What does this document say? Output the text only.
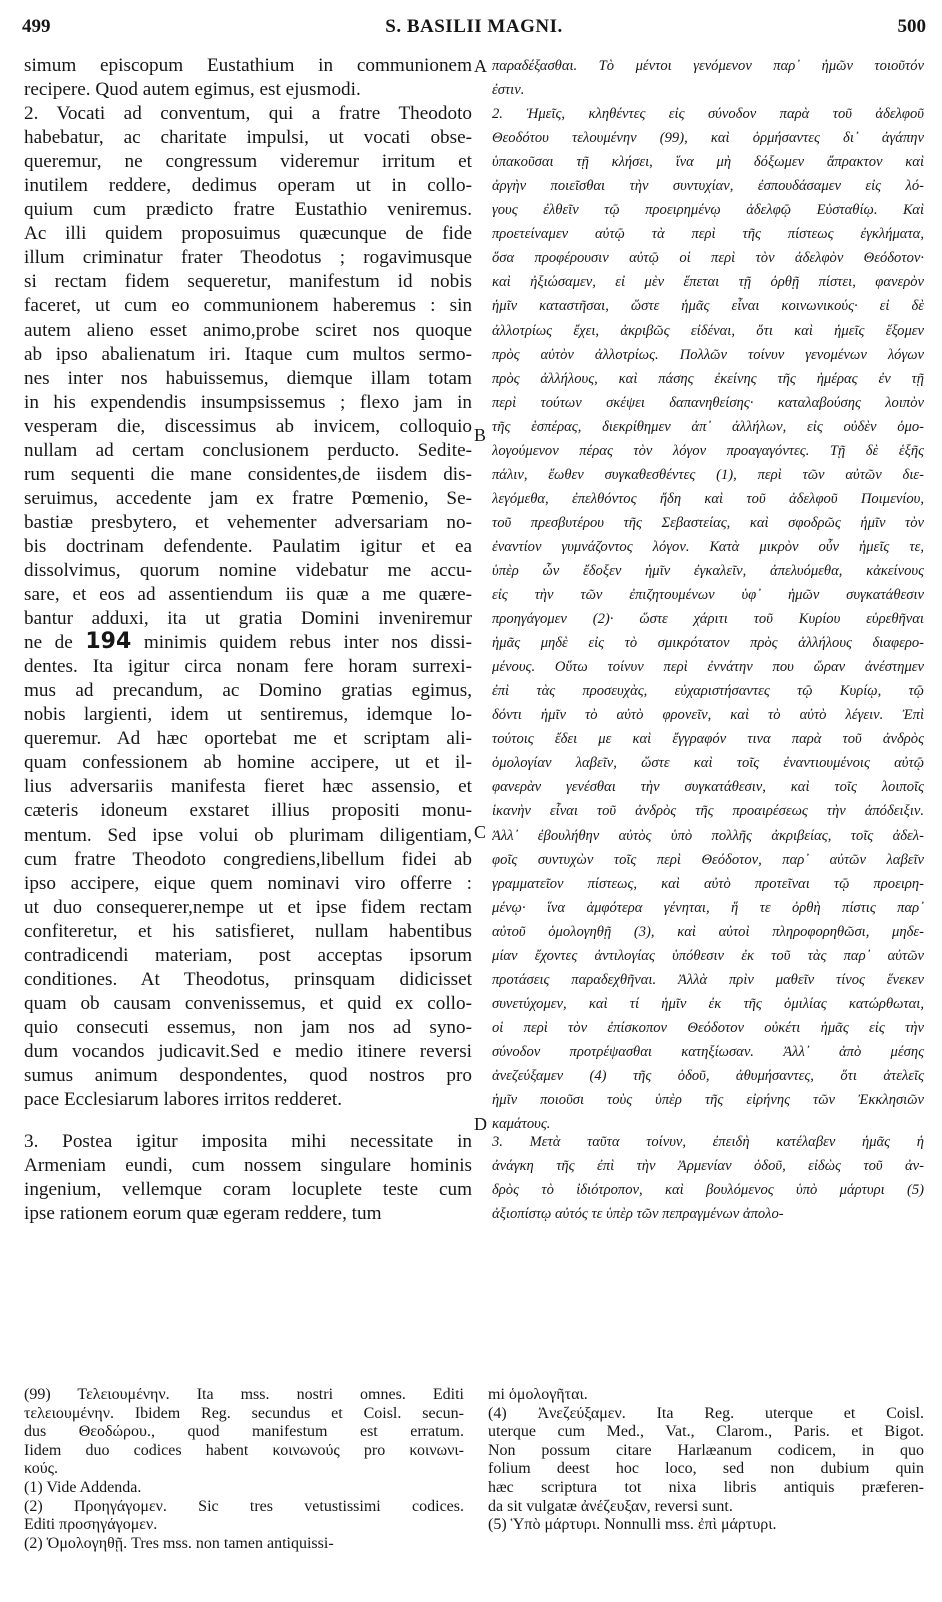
499	S. BASILII MAGNI.	500
simum episcopum Eustathium in communionem
recipere. Quod autem egimus, est ejusmodi.
2. Vocati ad conventum, qui a fratre Theodoto
habebatur, ac charitate impulsi, ut vocati obse-
queremur, ne congressum videremur irritum et
inutilem reddere, dedimus operam ut in collo-
quium cum prædicto fratre Eustathio veniremus.
Ac illi quidem proposuimus quæcunque de fide
illum criminatur frater Theodotus ; rogavimusque
si rectam fidem sequeretur, manifestum id nobis
faceret, ut cum eo communionem haberemus : sin
autem alieno esset animo,probe sciret nos quoque
ab ipso abalienatum iri. Itaque cum multos sermo-
nes inter nos habuissemus, diemque illam totam
in his expendendis insumpsissemus ; flexo jam in
vesperam die, discessimus ab invicem, colloquio
nullam ad certam conclusionem perducto. Sedite-
rum sequenti die mane considentes,de iisdem dis-
seruimus, accedente jam ex fratre Pœmenio, Se-
bastiæ presbytero, et vehementer adversariam no-
bis doctrinam defendente. Paulatim igitur et ea
dissolvimus, quorum nomine videbatur me accu-
sare, et eos ad assentiendum iis quæ a me quære-
bantur adduxi, ita ut gratia Domini inveniremur
ne de 194 minimis quidem rebus inter nos dissi-
dentes. Ita igitur circa nonam fere horam surrexi-
mus ad precandum, ac Domino gratias egimus,
nobis largienti, idem ut sentiremus, idemque lo-
queremur. Ad hæc oportebat me et scriptam ali-
quam confessionem ab homine accipere, ut et il-
lius adversariis manifesta fieret hæc assensio, et
cæteris idoneum exstaret illius propositi monu-
mentum. Sed ipse volui ob plurimam diligentiam,
cum fratre Theodoto congrediens,libellum fidei ab
ipso accipere, eique quem nominavi viro offerre :
ut duo consequerer,nempe ut et ipse fidem rectam
confiteretur, et his satisfieret, nullam habentibus
contradicendi materiam, post acceptas ipsorum
conditiones. At Theodotus, prinsquam didicisset
quam ob causam convenissemus, et quid ex collo-
quio consecuti essemus, non jam nos ad syno-
dum vocandos judicavit.Sed e medio itinere reversi
sumus animum despondentes, quod nostros pro
pace Ecclesiarum labores irritos redderet.
3. Postea igitur imposita mihi necessitate in
Armeniam eundi, cum nossem singulare hominis
ingenium, vellemque coram locuplete teste cum
ipse rationem eorum quæ egeram reddere, tum
παραδέξασθαι. Τὸ μέντοι γενόμενον παρ᾽ ἡμῶν τοιοῦτόν
ἐστιν.
2. Ἡμεῖς, κληθέντες εἰς σύνοδον παρὰ τοῦ ἀδελφοῦ
Θεοδότου τελουμένην (99), καὶ ὁρμήσαντες δι᾽ ἀγάπην
ὑπακοῦσαι τῇ κλήσει, ἵνα μὴ δόξωμεν ἄπρακτον καὶ
ἀργὴν ποιεῖσθαι τὴν συντυχίαν, ἐσπουδάσαμεν εἰς λό-
γους ἐλθεῖν τῷ προειρημένῳ ἀδελφῷ Εὐσταθίῳ. Καὶ
προετείναμεν αὐτῷ τὰ περὶ τῆς πίστεως ἐγκλήματα,
ὅσα προφέρουσιν αὐτῷ οἱ περὶ τὸν ἀδελφὸν Θεόδοτον·
καὶ ἠξιώσαμεν, εἰ μὲν ἕπεται τῇ ὀρθῇ πίστει, φανερὸν
ἡμῖν καταστῆσαι, ὥστε ἡμᾶς εἶναι κοινωνικούς· εἰ δὲ
ἀλλοτρίως ἔχει, ἀκριβῶς εἰδέναι, ὅτι καὶ ἡμεῖς ἕξομεν
πρὸς αὐτὸν ἀλλοτρίως. Πολλῶν τοίνυν γενομένων λόγων
πρὸς ἀλλήλους, καὶ πάσης ἐκείνης τῆς ἡμέρας ἐν τῇ
περὶ τούτων σκέψει δαπανηθείσης· καταλαβούσης λοιπὸν
τῆς ἑσπέρας, διεκρίθημεν ἀπ᾽ ἀλλήλων, εἰς οὐδὲν ὁμο-
λογούμενον πέρας τὸν λόγον προαγαγόντες. Τῇ δὲ ἑξῆς
πάλιν, ἕωθεν συγκαθεσθέντες (1), περὶ τῶν αὐτῶν διε-
λεγόμεθα, ἐπελθόντος ἤδη καὶ τοῦ ἀδελφοῦ Ποιμενίου,
τοῦ πρεσβυτέρου τῆς Σεβαστείας, καὶ σφοδρῶς ἡμῖν τὸν
ἐναντίον γυμνάζοντος λόγον. Κατὰ μικρὸν οὖν ἡμεῖς τε,
ὑπὲρ ὧν ἔδοξεν ἡμῖν ἐγκαλεῖν, ἀπελυόμεθα, κἀκείνους
εἰς τὴν τῶν ἐπιζητουμένων ὑφ᾽ ἡμῶν συγκατάθεσιν
προηγάγομεν (2)· ὥστε χάριτι τοῦ Κυρίου εὑρεθῆναι
ἡμᾶς μηδὲ εἰς τὸ σμικρότατον πρὸς ἀλλήλους διαφερο-
μένους. Οὕτω τοίνυν περὶ ἐννάτην που ὥραν ἀνέστημεν
ἐπὶ τὰς προσευχὰς, εὐχαριστήσαντες τῷ Κυρίῳ, τῷ
δόντι ἡμῖν τὸ αὐτὸ φρονεῖν, καὶ τὸ αὐτὸ λέγειν. Ἐπὶ
τούτοις ἔδει με καὶ ἔγγραφόν τινα παρὰ τοῦ ἀνδρὸς
ὁμολογίαν λαβεῖν, ὥστε καὶ τοῖς ἐναντιουμένοις αὐτῷ
φανερὰν γενέσθαι τὴν συγκατάθεσιν, καὶ τοῖς λοιποῖς
ἱκανὴν εἶναι τοῦ ἀνδρὸς τῆς προαιρέσεως τὴν ἀπόδειξιν.
Ἀλλ᾽ ἐβουλήθην αὐτὸς ὑπὸ πολλῆς ἀκριβείας, τοῖς ἀδελ-
φοῖς συντυχὼν τοῖς περὶ Θεόδοτον, παρ᾽ αὐτῶν λαβεῖν
γραμματεῖον πίστεως, καὶ αὐτὸ προτεῖναι τῷ προειρη-
μένῳ· ἵνα ἀμφότερα γένηται, ἥ τε ὀρθὴ πίστις παρ᾽
αὐτοῦ ὁμολογηθῇ (3), καὶ αὐτοὶ πληροφορηθῶσι, μηδε-
μίαν ἔχοντες ἀντιλογίας ὑπόθεσιν ἐκ τοῦ τὰς παρ᾽ αὐτῶν
προτάσεις παραδεχθῆναι. Ἀλλὰ πρὶν μαθεῖν τίνος ἕνεκεν
συνετύχομεν, καὶ τί ἡμῖν ἐκ τῆς ὁμιλίας κατώρθωται,
οἱ περὶ τὸν ἐπίσκοπον Θεόδοτον οὐκέτι ἡμᾶς εἰς τὴν
σύνοδον προτρέψασθαι κατηξίωσαν. Ἀλλ᾽ ἀπὸ μέσης
ἀνεζεύξαμεν (4) τῆς ὁδοῦ, ἀθυμήσαντες, ὅτι ἀτελεῖς
ἡμῖν ποιοῦσι τοὺς ὑπὲρ τῆς εἰρήνης τῶν Ἐκκλησιῶν
καμάτους.
3. Μετὰ ταῦτα τοίνυν, ἐπειδὴ κατέλαβεν ἡμᾶς ἡ
ἀνάγκη τῆς ἐπὶ τὴν Ἀρμενίαν ὁδοῦ, εἰδὼς τοῦ ἀν-
δρὸς τὸ ἰδιότροπον, καὶ βουλόμενος ὑπὸ μάρτυρι (5)
ἀξιοπίστῳ αὐτός τε ὑπὲρ τῶν πεπραγμένων ἀπολο-
A
B
C
D
(99) Τελειουμένην. Ita mss. nostri omnes. Editi
τελειουμένην. Ibidem Reg. secundus et Coisl. secun-
dus Θεοδώρου., quod manifestum est erratum.
Iidem duo codices habent κοινωνούς pro κοινωνι-
κούς.
(1) Vide Addenda.
(2) Προηγάγομεν. Sic tres vetustissimi codices.
Editi προσηγάγομεν.
(2) Ὁμολογηθῇ. Tres mss. non tamen antiquissi-
mi ὁμολογῆται.
(4) Ἀνεζεύξαμεν. Ita Reg. uterque et Coisl.
uterque cum Med., Vat., Clarom., Paris. et Bigot.
Non possum citare Harlæanum codicem, in quo
folium deest hoc loco, sed non dubium quin
hæc scriptura tot nixa libris antiquis præferen-
da sit vulgatæ ἀνέζευξαν, reversi sunt.
(5) Ὑπὸ μάρτυρι. Nonnulli mss. ἐπὶ μάρτυρι.
